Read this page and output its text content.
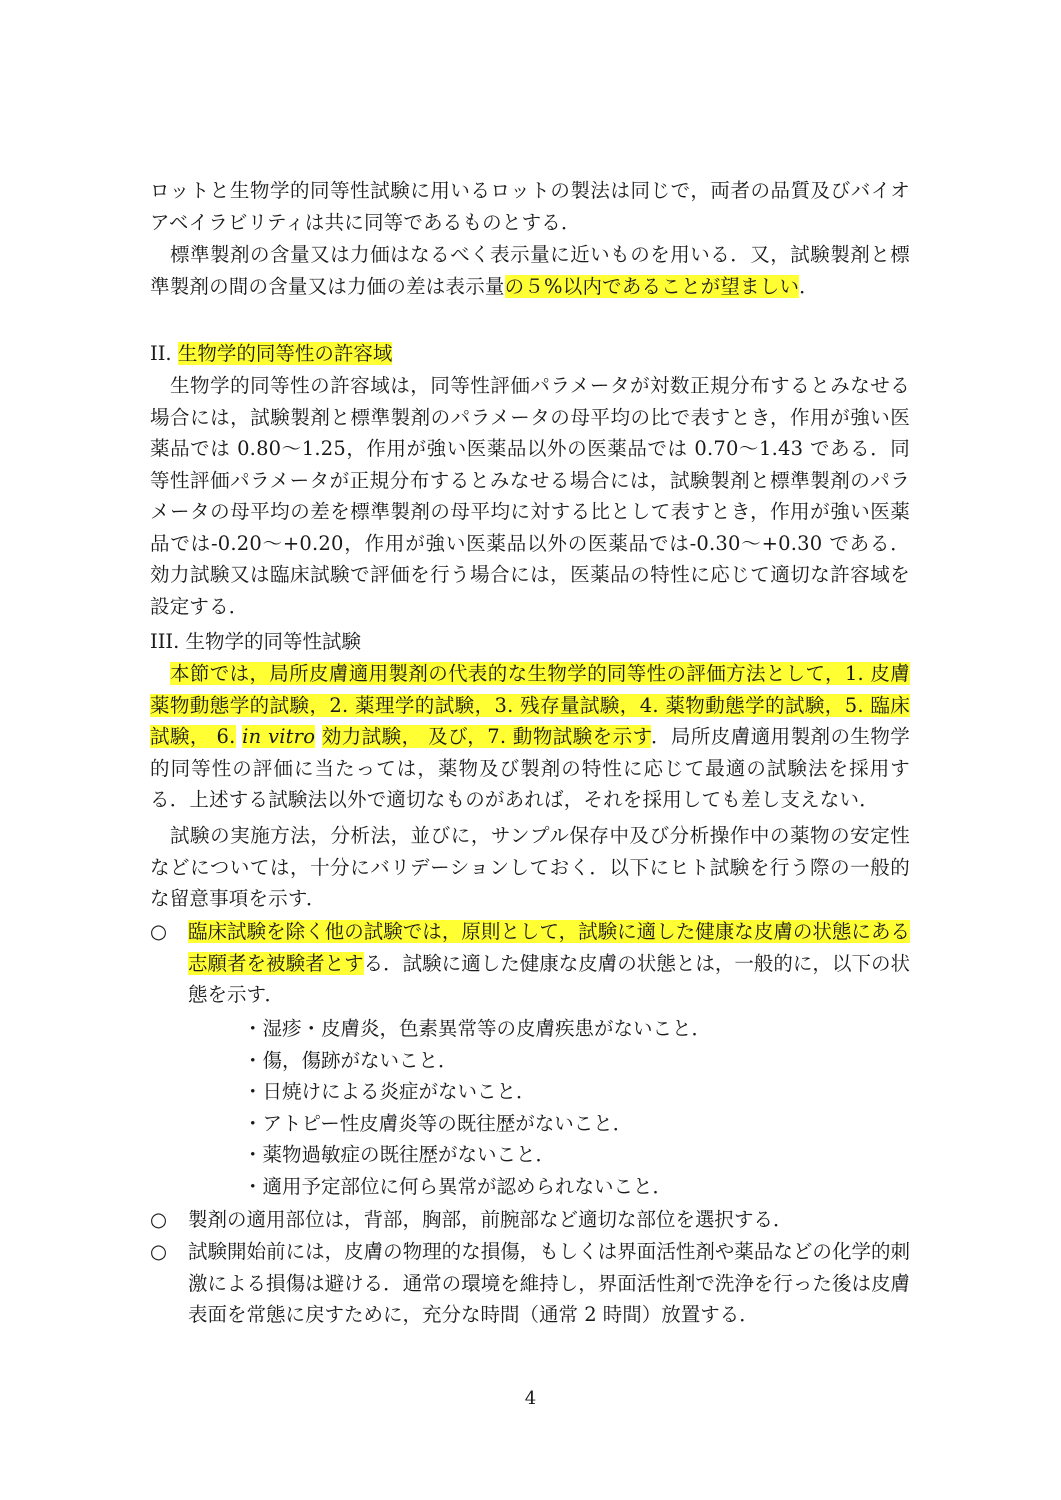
ロットと生物学的同等性試験に用いるロットの製法は同じで，両者の品質及びバイオアベイラビリティは共に同等であるものとする．

標準製剤の含量又は力価はなるべく表示量に近いものを用いる．又，試験製剤と標準製剤の間の含量又は力価の差は表示量の５%以内であることが望ましい．

II. 生物学的同等性の許容域

生物学的同等性の許容域は，同等性評価パラメータが対数正規分布するとみなせる場合には，試験製剤と標準製剤のパラメータの母平均の比で表すとき，作用が強い医薬品では 0.80～1.25，作用が強い医薬品以外の医薬品では 0.70～1.43 である．同等性評価パラメータが正規分布するとみなせる場合には，試験製剤と標準製剤のパラメータの母平均の差を標準製剤の母平均に対する比として表すとき，作用が強い医薬品では-0.20～+0.20，作用が強い医薬品以外の医薬品では-0.30～+0.30 である．効力試験又は臨床試験で評価を行う場合には，医薬品の特性に応じて適切な許容域を設定する．

III. 生物学的同等性試験

本節では，局所皮膚適用製剤の代表的な生物学的同等性の評価方法として，1. 皮膚薬物動態学的試験，2. 薬理学的試験，3. 残存量試験，4. 薬物動態学的試験，5. 臨床試験， 6. in vitro 効力試験， 及び，7. 動物試験を示す．局所皮膚適用製剤の生物学的同等性の評価に当たっては，薬物及び製剤の特性に応じて最適の試験法を採用する．上述する試験法以外で適切なものがあれば，それを採用しても差し支えない．

試験の実施方法，分析法，並びに，サンプル保存中及び分析操作中の薬物の安定性などについては，十分にバリデーションしておく．以下にヒト試験を行う際の一般的な留意事項を示す．

○	臨床試験を除く他の試験では，原則として，試験に適した健康な皮膚の状態にある志願者を被験者とする．試験に適した健康な皮膚の状態とは，一般的に，以下の状態を示す．
・湿疹・皮膚炎，色素異常等の皮膚疾患がないこと．
・傷，傷跡がないこと．
・日焼けによる炎症がないこと．
・アトピー性皮膚炎等の既往歴がないこと．
・薬物過敏症の既往歴がないこと．
・適用予定部位に何ら異常が認められないこと．
○	製剤の適用部位は，背部，胸部，前腕部など適切な部位を選択する．
○	試験開始前には，皮膚の物理的な損傷，もしくは界面活性剤や薬品などの化学的刺激による損傷は避ける．通常の環境を維持し，界面活性剤で洗浄を行った後は皮膚表面を常態に戻すために，充分な時間（通常 2 時間）放置する．
4
